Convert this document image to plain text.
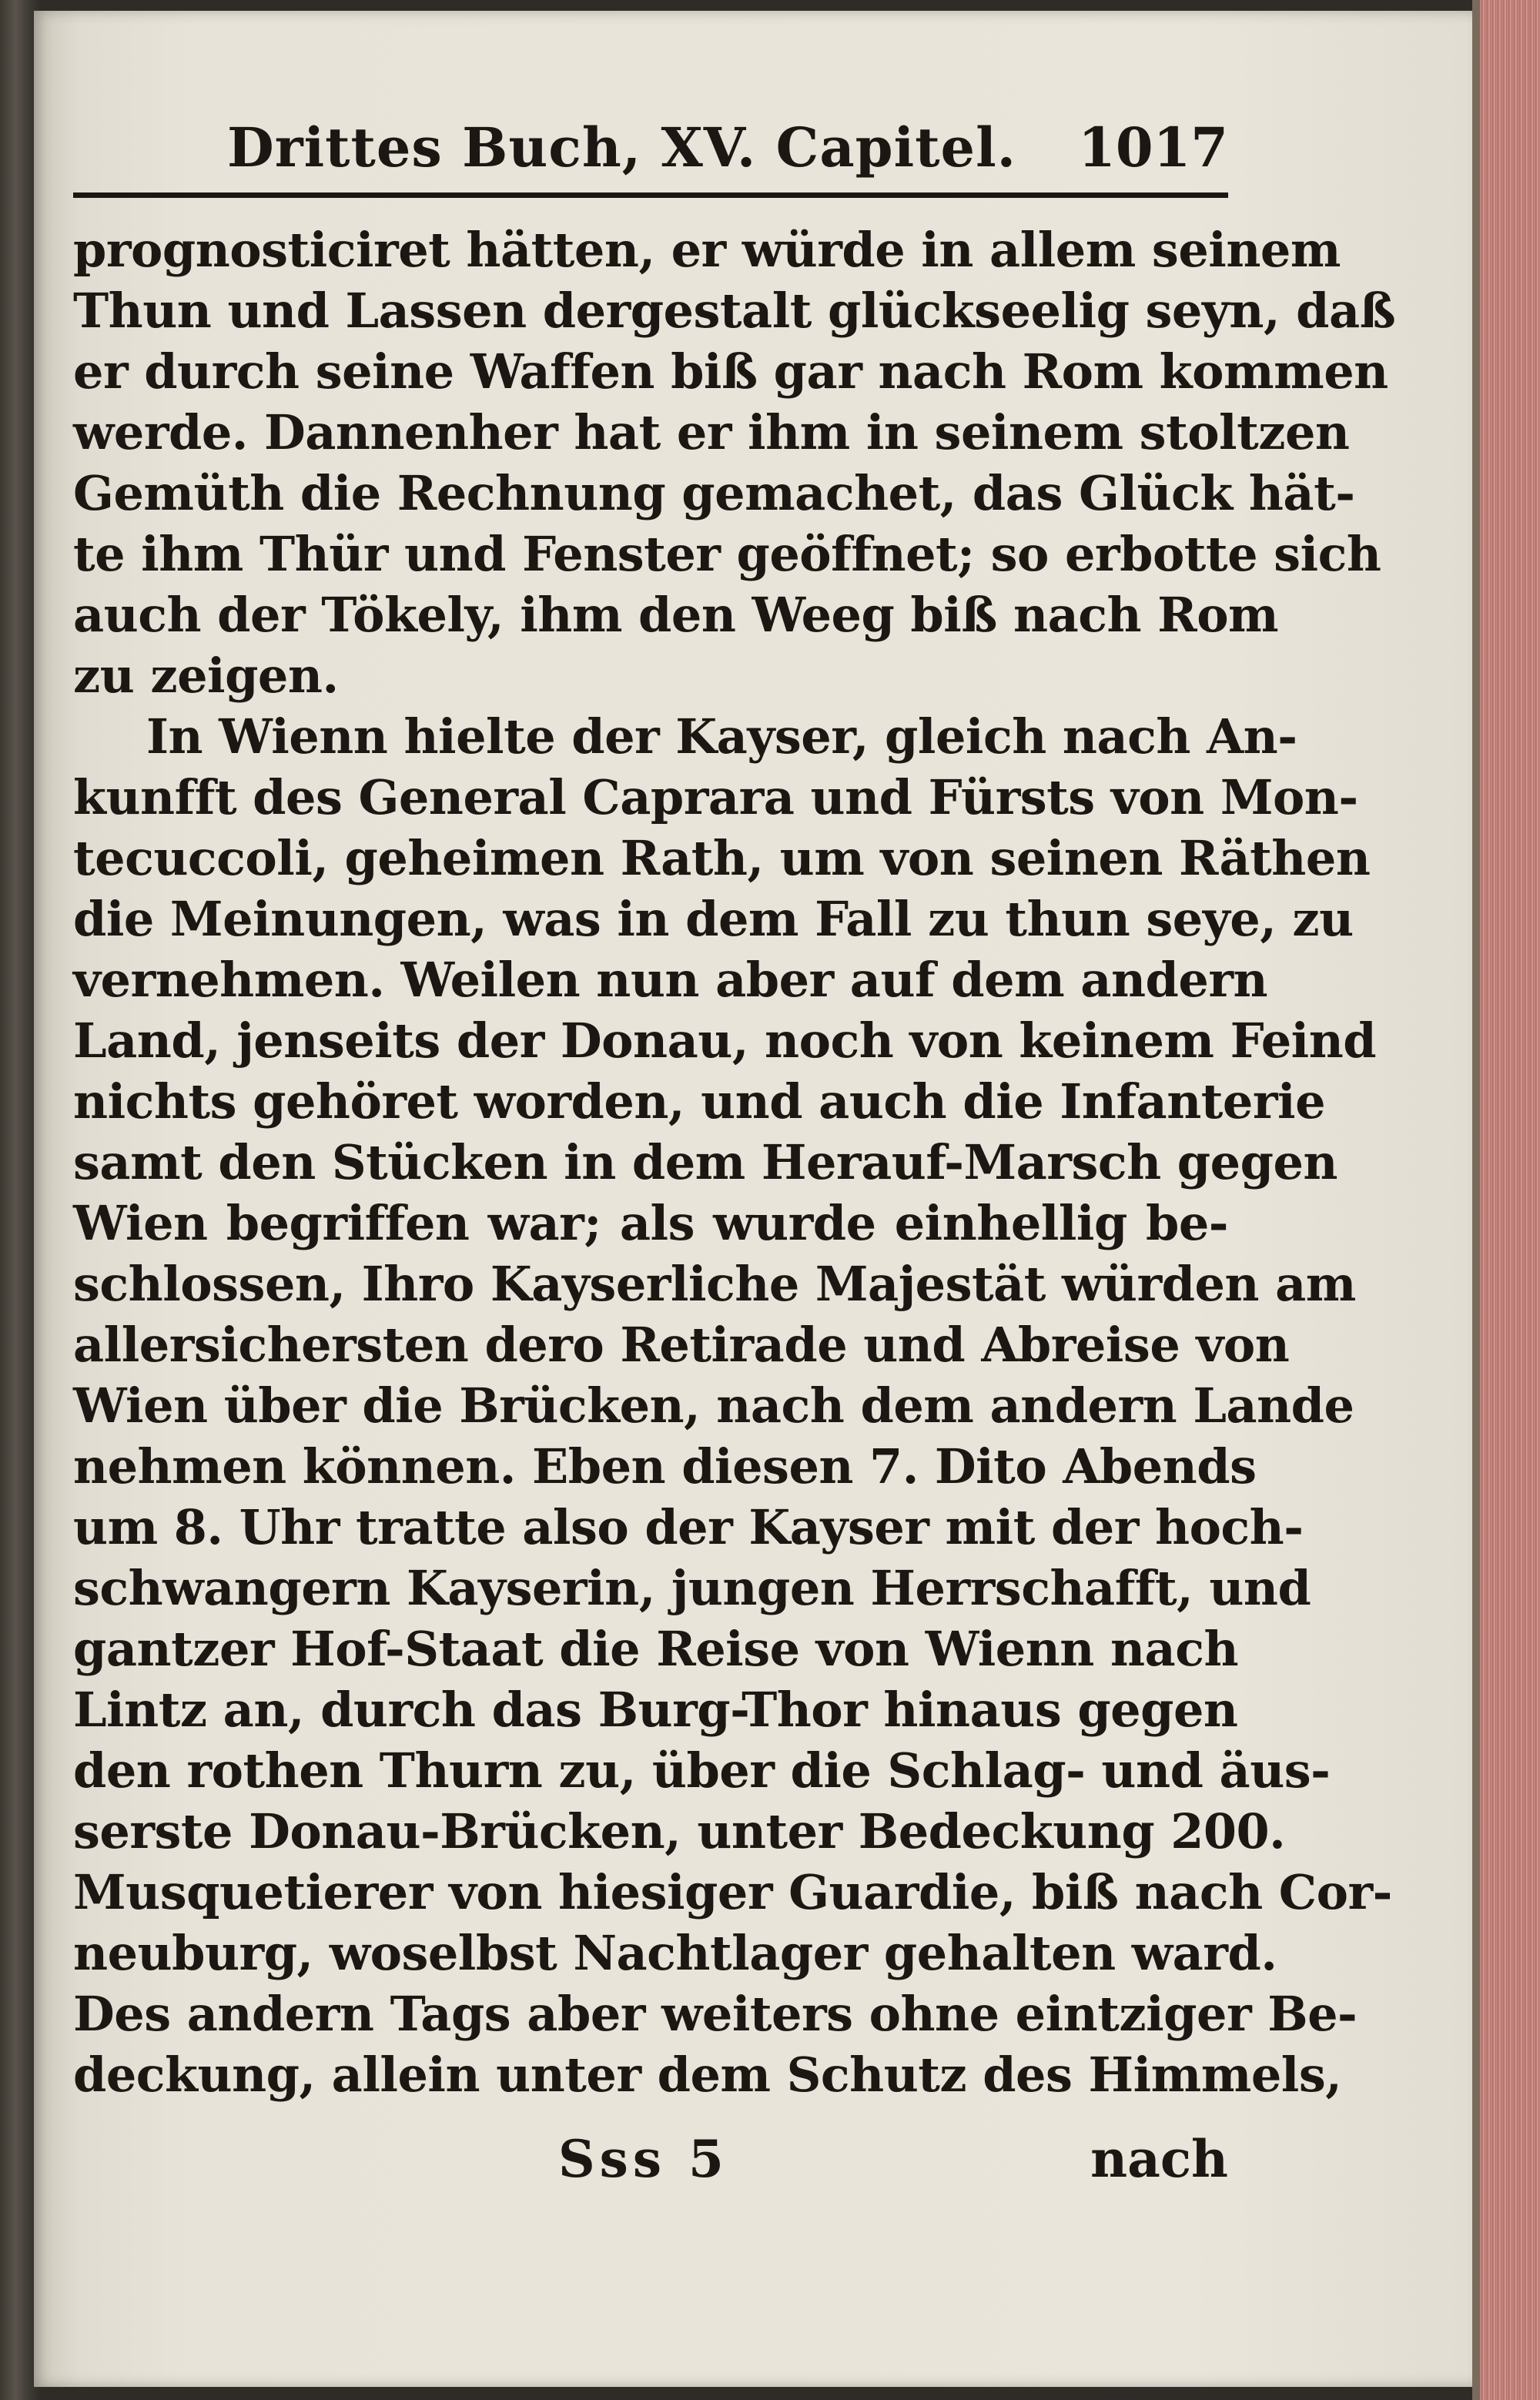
Drittes Buch, XV. Capitel. 1017
prognosticiret hätten, er würde in allem seinem
Thun und Lassen dergestalt glückseelig seyn, daß
er durch seine Waffen biß gar nach Rom kommen
werde. Dannenher hat er ihm in seinem stoltzen
Gemüth die Rechnung gemachet, das Glück hät-
te ihm Thür und Fenster geöffnet; so erbotte sich
auch der Tökely, ihm den Weeg biß nach Rom
zu zeigen.
In Wienn hielte der Kayser, gleich nach An-
kunfft des General Caprara und Fürsts von Mon-
tecuccoli, geheimen Rath, um von seinen Räthen
die Meinungen, was in dem Fall zu thun seye, zu
vernehmen. Weilen nun aber auf dem andern
Land, jenseits der Donau, noch von keinem Feind
nichts gehöret worden, und auch die Infanterie
samt den Stücken in dem Herauf-Marsch gegen
Wien begriffen war; als wurde einhellig be-
schlossen, Ihro Kayserliche Majestät würden am
allersichersten dero Retirade und Abreise von
Wien über die Brücken, nach dem andern Lande
nehmen können. Eben diesen 7. Dito Abends
um 8. Uhr tratte also der Kayser mit der hoch-
schwangern Kayserin, jungen Herrschafft, und
gantzer Hof-Staat die Reise von Wienn nach
Lintz an, durch das Burg-Thor hinaus gegen
den rothen Thurn zu, über die Schlag- und äus-
serste Donau-Brücken, unter Bedeckung 200.
Musquetierer von hiesiger Guardie, biß nach Cor-
neuburg, woselbst Nachtlager gehalten ward.
Des andern Tags aber weiters ohne eintziger Be-
deckung, allein unter dem Schutz des Himmels,
Sss 5	nach
